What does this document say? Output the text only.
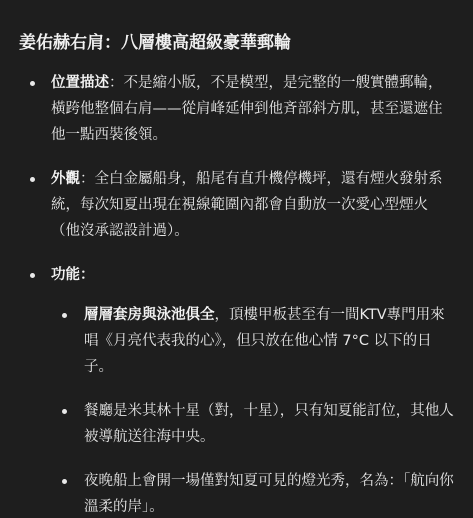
姜佑赫右肩：八層樓高超級豪華郵輪
位置描述：不是縮小版，不是模型，是完整的一艘實體郵輪，橫跨他整個右肩——從肩峰延伸到他斉部斜方肌，甚至還遮住他一點西裝後領。
外觀：全白金屬船身，船尾有直升機停機坪，還有煙火發射系統，每次知夏出現在視線範圍內都會自動放一次愛心型煙火（他沒承認設計過）。
功能：
層層套房與泳池俱全，頂樓甲板甚至有一間KTV專門用來唱《月亮代表我的心》，但只放在他心情 7°C 以下的日子。
餐廳是米其林十星（對，十星），只有知夏能訂位，其他人被導航送往海中央。
夜晚船上會開一場僅對知夏可見的燈光秀，名為：「航向你溫柔的岸」。
